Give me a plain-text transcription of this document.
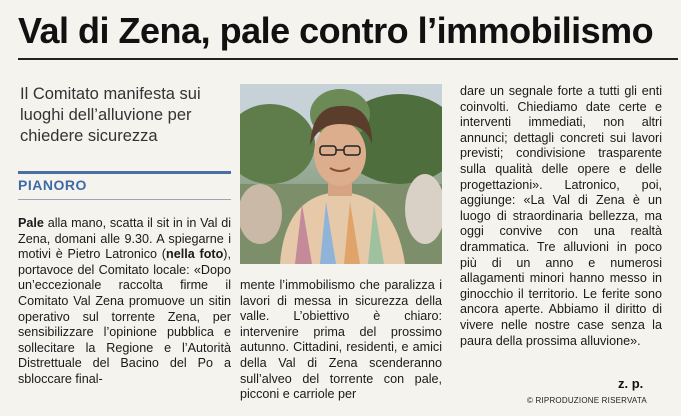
Val di Zena, pale contro l’immobilismo
Il Comitato manifesta sui luoghi dell’alluvione per chiedere sicurezza
PIANORO

Pale alla mano, scatta il sit in in Val di Zena, domani alle 9.30. A spiegarne i motivi è Pietro Latronico (nella foto), portavoce del Comitato locale: «Dopo un’eccezionale raccolta firme il Comitato Val Zena promuove un sitin operativo sul torrente Zena, per sensibilizzare l’opinione pubblica e sollecitare la Regione e l’Autorità Distrettuale del Bacino del Po a sbloccare final-

mente l’immobilismo che paralizza i lavori di messa in sicurezza della valle. L’obiettivo è chiaro: intervenire prima del prossimo autunno. Cittadini, residenti, e amici della Val di Zena scenderanno sull’alveo del torrente con pale, picconi e carriole per

dare un segnale forte a tutti gli enti coinvolti. Chiediamo date certe e interventi immediati, non altri annunci; dettagli concreti sui lavori previsti; condivisione trasparente sulla qualità delle opere e delle progettazioni». Latronico, poi, aggiunge: «La Val di Zena è un luogo di straordinaria bellezza, ma oggi convive con una realtà drammatica. Tre alluvioni in poco più di un anno e numerosi allagamenti minori hanno messo in ginocchio il territorio. Le ferite sono ancora aperte. Abbiamo il diritto di vivere nelle nostre case senza la paura della prossima alluvione».

z. p.
© RIPRODUZIONE RISERVATA
